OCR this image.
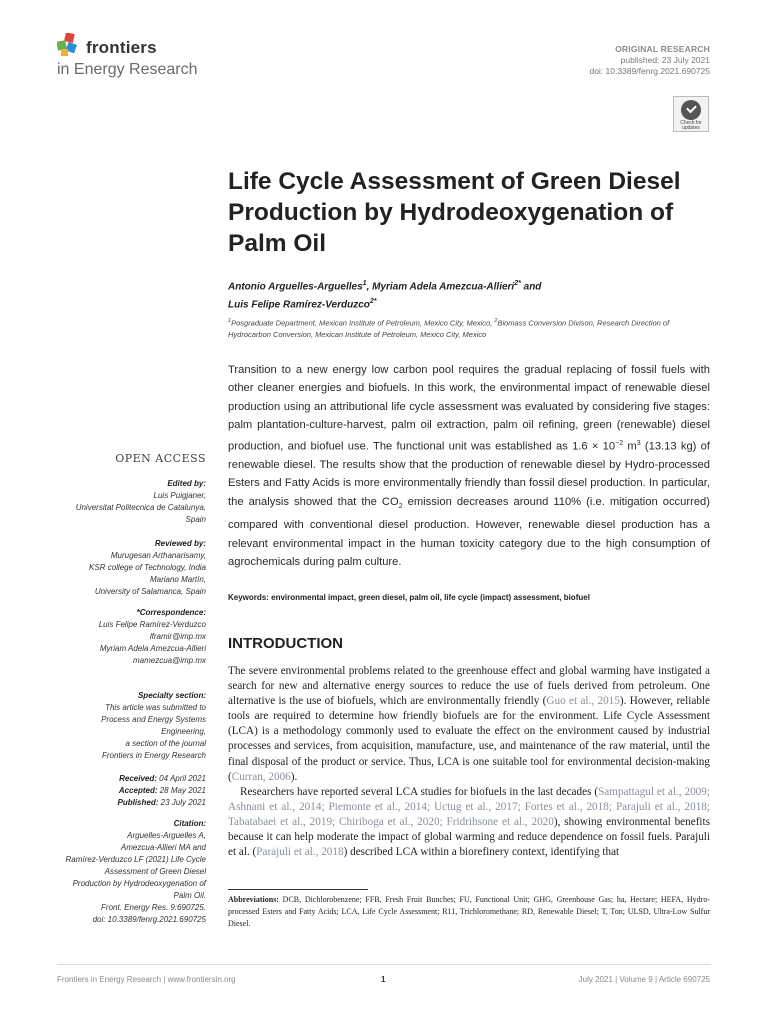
frontiers
in Energy Research
ORIGINAL RESEARCH
published: 23 July 2021
doi: 10.3389/fenrg.2021.690725
Check for
updates
Life Cycle Assessment of Green Diesel
Production by Hydrodeoxygenation of
Palm Oil
Antonio Arguelles-Arguelles$^1$, Myriam Adela Amezcua-Allieri$^{2*}$ and
Luis Felipe Ramírez-Verduzco$^{2*}$
$^1$Posgraduate Department, Mexican Institute of Petroleum, Mexico City, Mexico, $^2$Biomass Conversion Divison, Research Direction of Hydrocarbon Conversion, Mexican Institute of Petroleum, Mexico City, Mexico
Transition to a new energy low carbon pool requires the gradual replacing of fossil fuels with other cleaner energies and biofuels. In this work, the environmental impact of renewable diesel production using an attributional life cycle assessment was evaluated by considering five stages: palm plantation-culture-harvest, palm oil extraction, palm oil refining, green (renewable) diesel production, and biofuel use. The functional unit was established as $1.6 \times 10^{-2}$ $m^3$ (13.13 kg) of renewable diesel. The results show that the production of renewable diesel by Hydro-processed Esters and Fatty Acids is more environmentally friendly than fossil diesel production. In particular, the analysis showed that the $CO_2$ emission decreases around 110% (i.e. mitigation occurred) compared with conventional diesel production. However, renewable diesel production has a relevant environmental impact in the human toxicity category due to the high consumption of agrochemicals during palm culture.
Keywords: environmental impact, green diesel, palm oil, life cycle (impact) assessment, biofuel
OPEN ACCESS
Edited by:
Luis Puigjaner,
Universitat Politecnica de Catalunya,
Spain
Reviewed by:
Murugesan Arthanarisamy,
KSR college of Technology, India
Mariano Martín,
University of Salamanca, Spain
*Correspondence:
Luis Felipe Ramírez-Verduzco
lframir@imp.mx
Myriam Adela Amezcua-Allieri
mamezcua@imp.mx
Specialty section:
This article was submitted to
Process and Energy Systems
Engineering,
a section of the journal
Frontiers in Energy Research
Received: 04 April 2021
Accepted: 28 May 2021
Published: 23 July 2021
Citation:
Arguelles-Arguelles A,
Amezcua-Allieri MA and
Ramírez-Verduzco LF (2021) Life Cycle
Assessment of Green Diesel
Production by Hydrodeoxygenation of
Palm Oil.
Front. Energy Res. 9:690725.
doi: 10.3389/fenrg.2021.690725
INTRODUCTION
The severe environmental problems related to the greenhouse effect and global warming have instigated a search for new and alternative energy sources to reduce the use of fuels derived from petroleum. One alternative is the use of biofuels, which are environmentally friendly (Guo et al., 2015). However, reliable tools are required to determine how friendly biofuels are for the environment. Life Cycle Assessment (LCA) is a methodology commonly used to evaluate the effect on the environment caused by industrial processes and services, from acquisition, manufacture, use, and maintenance of the raw material, until the final disposal of the product or service. Thus, LCA is one suitable tool for environmental decision-making (Curran, 2006).
Researchers have reported several LCA studies for biofuels in the last decades (Sampattagul et al., 2009; Ashnani et al., 2014; Piemonte et al., 2014; Uctug et al., 2017; Fortes et al., 2018; Parajuli et al., 2018; Tabatabaei et al., 2019; Chiriboga et al., 2020; Fridrihsone et al., 2020), showing environmental benefits because it can help moderate the impact of global warming and reduce dependence on fossil fuels. Parajuli et al. (Parajuli et al., 2018) described LCA within a biorefinery context, identifying that
Abbreviations: DCB, Dichlorobenzene; FFB, Fresh Fruit Bunches; FU, Functional Unit; GHG, Greenhouse Gas; ha, Hectare; HEFA, Hydro-processed Esters and Fatty Acids; LCA, Life Cycle Assessment; R11, Trichloromethane; RD, Renewable Diesel; T, Ton; ULSD, Ultra-Low Sulfur Diesel.
Frontiers in Energy Research | www.frontiersin.org	1	July 2021 | Volume 9 | Article 690725
